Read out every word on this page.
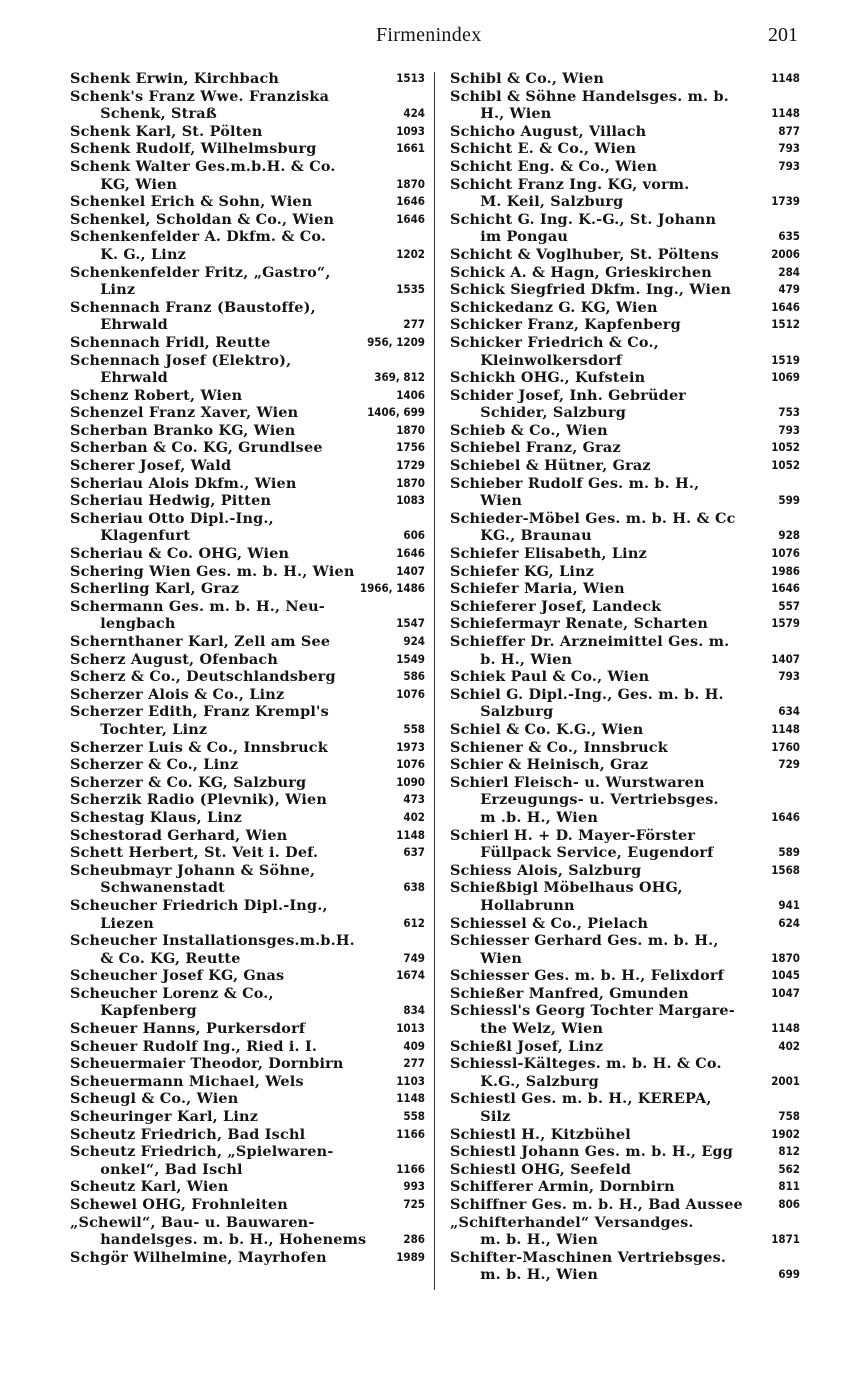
Firmenindex	201
Schenk Erwin, Kirchbach	1513
Schenk's Franz Wwe. Franziska
Schenk, Straß	424
Schenk Karl, St. Pölten	1093
Schenk Rudolf, Wilhelmsburg	1661
Schenk Walter Ges.m.b.H. & Co.
KG, Wien	1870
Schenkel Erich & Sohn, Wien	1646
Schenkel, Scholdan & Co., Wien	1646
Schenkenfelder A. Dkfm. & Co.
K. G., Linz	1202
Schenkenfelder Fritz, „Gastro“,
Linz	1535
Schennach Franz (Baustoffe),
Ehrwald	277
Schennach Fridl, Reutte	956, 1209
Schennach Josef (Elektro),
Ehrwald	369, 812
Schenz Robert, Wien	1406
Schenzel Franz Xaver, Wien	1406, 699
Scherban Branko KG, Wien	1870
Scherban & Co. KG, Grundlsee	1756
Scherer Josef, Wald	1729
Scheriau Alois Dkfm., Wien	1870
Scheriau Hedwig, Pitten	1083
Scheriau Otto Dipl.-Ing.,
Klagenfurt	606
Scheriau & Co. OHG, Wien	1646
Schering Wien Ges. m. b. H., Wien	1407
Scherling Karl, Graz	1966, 1486
Schermann Ges. m. b. H., Neu-
lengbach	1547
Schernthaner Karl, Zell am See	924
Scherz August, Ofenbach	1549
Scherz & Co., Deutschlandsberg	586
Scherzer Alois & Co., Linz	1076
Scherzer Edith, Franz Krempl's
Tochter, Linz	558
Scherzer Luis & Co., Innsbruck	1973
Scherzer & Co., Linz	1076
Scherzer & Co. KG, Salzburg	1090
Scherzik Radio (Plevnik), Wien	473
Schestag Klaus, Linz	402
Schestorad Gerhard, Wien	1148
Schett Herbert, St. Veit i. Def.	637
Scheubmayr Johann & Söhne,
Schwanenstadt	638
Scheucher Friedrich Dipl.-Ing.,
Liezen	612
Scheucher Installationsges.m.b.H.
& Co. KG, Reutte	749
Scheucher Josef KG, Gnas	1674
Scheucher Lorenz & Co.,
Kapfenberg	834
Scheuer Hanns, Purkersdorf	1013
Scheuer Rudolf Ing., Ried i. I.	409
Scheuermaier Theodor, Dornbirn	277
Scheuermann Michael, Wels	1103
Scheugl & Co., Wien	1148
Scheuringer Karl, Linz	558
Scheutz Friedrich, Bad Ischl	1166
Scheutz Friedrich, „Spielwaren-
onkel“, Bad Ischl	1166
Scheutz Karl, Wien	993
Schewel OHG, Frohnleiten	725
„Schewil“, Bau- u. Bauwaren-
handelsges. m. b. H., Hohenems	286
Schgör Wilhelmine, Mayrhofen	1989
Schibl & Co., Wien	1148
Schibl & Söhne Handelsges. m. b.
H., Wien	1148
Schicho August, Villach	877
Schicht E. & Co., Wien	793
Schicht Eng. & Co., Wien	793
Schicht Franz Ing. KG, vorm.
M. Keil, Salzburg	1739
Schicht G. Ing. K.-G., St. Johann
im Pongau	635
Schicht & Voglhuber, St. Pöltens	2006
Schick A. & Hagn, Grieskirchen	284
Schick Siegfried Dkfm. Ing., Wien	479
Schickedanz G. KG, Wien	1646
Schicker Franz, Kapfenberg	1512
Schicker Friedrich & Co.,
Kleinwolkersdorf	1519
Schickh OHG., Kufstein	1069
Schider Josef, Inh. Gebrüder
Schider, Salzburg	753
Schieb & Co., Wien	793
Schiebel Franz, Graz	1052
Schiebel & Hütner, Graz	1052
Schieber Rudolf Ges. m. b. H.,
Wien	599
Schieder-Möbel Ges. m. b. H. & Cc
KG., Braunau	928
Schiefer Elisabeth, Linz	1076
Schiefer KG, Linz	1986
Schiefer Maria, Wien	1646
Schieferer Josef, Landeck	557
Schiefermayr Renate, Scharten	1579
Schieffer Dr. Arzneimittel Ges. m.
b. H., Wien	1407
Schiek Paul & Co., Wien	793
Schiel G. Dipl.-Ing., Ges. m. b. H.
Salzburg	634
Schiel & Co. K.G., Wien	1148
Schiener & Co., Innsbruck	1760
Schier & Heinisch, Graz	729
Schierl Fleisch- u. Wurstwaren
Erzeugungs- u. Vertriebsges.
m .b. H., Wien	1646
Schierl H. + D. Mayer-Förster
Füllpack Service, Eugendorf	589
Schiess Alois, Salzburg	1568
Schießbigl Möbelhaus OHG,
Hollabrunn	941
Schiessel & Co., Pielach	624
Schiesser Gerhard Ges. m. b. H.,
Wien	1870
Schiesser Ges. m. b. H., Felixdorf	1045
Schießer Manfred, Gmunden	1047
Schiessl's Georg Tochter Margare-
the Welz, Wien	1148
Schießl Josef, Linz	402
Schiessl-Kälteges. m. b. H. & Co.
K.G., Salzburg	2001
Schiestl Ges. m. b. H., KEREPA,
Silz	758
Schiestl H., Kitzbühel	1902
Schiestl Johann Ges. m. b. H., Egg	812
Schiestl OHG, Seefeld	562
Schifferer Armin, Dornbirn	811
Schiffner Ges. m. b. H., Bad Aussee	806
„Schifterhandel“ Versandges.
m. b. H., Wien	1871
Schifter-Maschinen Vertriebsges.
m. b. H., Wien	699
